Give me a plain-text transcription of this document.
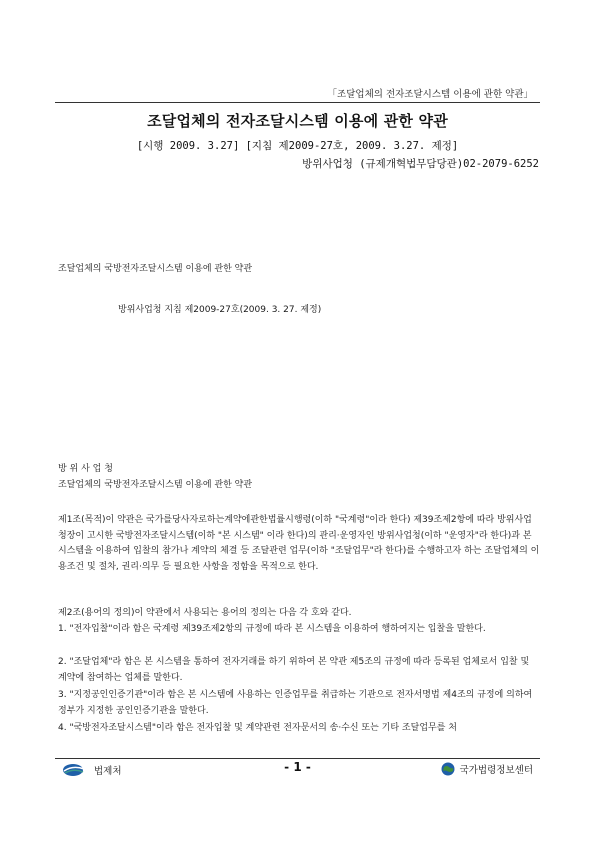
「조달업체의 전자조달시스템 이용에 관한 약관」
조달업체의 전자조달시스템 이용에 관한 약관
[시행 2009. 3.27] [지침 제2009-27호, 2009. 3.27. 제정]
방위사업청 (규제개혁법무담당관)02-2079-6252
조달업체의 국방전자조달시스템 이용에 관한 약관
방위사업청 지침 제2009-27호(2009. 3. 27. 제정)
방 위 사 업 청
조달업체의 국방전자조달시스템 이용에 관한 약관
제1조(목적)이 약관은 국가를당사자로하는계약에관한법률시행령(이하 "국계령"이라 한다) 제39조제2항에 따라 방위사업청장이 고시한 국방전자조달시스템(이하 "본 시스템" 이라 한다)의 관리·운영자인 방위사업청(이하 "운영자"라 한다)과 본 시스템을 이용하여 입찰의 참가나 계약의 체결 등 조달관련 업무(이하 "조달업무"라 한다)를 수행하고자 하는 조달업체의 이용조건 및 절차, 권리·의무 등 필요한 사항을 정함을 목적으로 한다.
제2조(용어의 정의)이 약관에서 사용되는 용어의 정의는 다음 각 호와 같다.
1. "전자입찰"이라 함은 국계령 제39조제2항의 규정에 따라 본 시스템을 이용하여 행하여지는 입찰을 말한다.
2. "조달업체"라 함은 본 시스템을 통하여 전자거래를 하기 위하여 본 약관 제5조의 규정에 따라 등록된 업체로서 입찰 및 계약에 참여하는 업체를 말한다.
3. "지정공인인증기관"이라 함은 본 시스템에 사용하는 인증업무를 취급하는 기관으로 전자서명법 제4조의 규정에 의하여 정부가 지정한 공인인증기관을 말한다.
4. "국방전자조달시스템"이라 함은 전자입찰 및 계약관련 전자문서의 송·수신 또는 기타 조달업무를 처
법제처	- 1 -	국가법령정보센터
